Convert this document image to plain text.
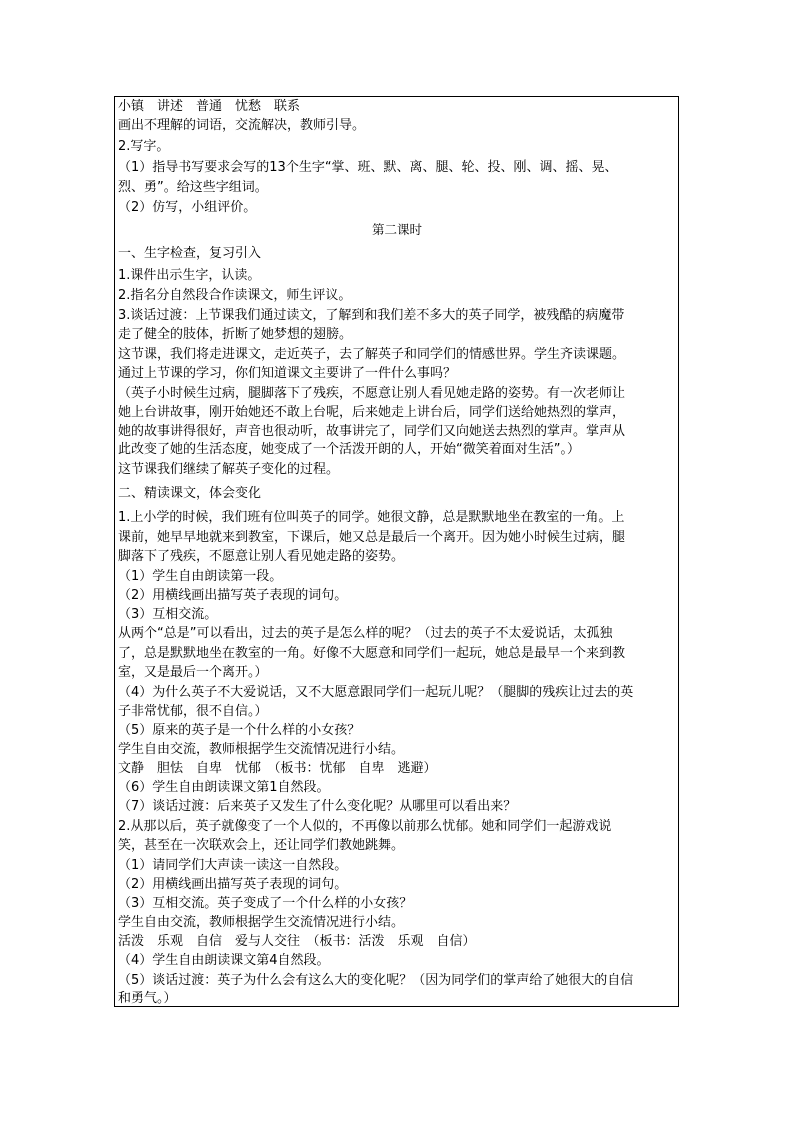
小镇　讲述　普通　忧愁　联系
画出不理解的词语，交流解决，教师引导。
2.写字。
（1）指导书写要求会写的13个生字“掌、班、默、离、腿、轮、投、刚、调、摇、晃、
烈、勇”。给这些字组词。
（2）仿写，小组评价。
第二课时
一、生字检查，复习引入
1.课件出示生字，认读。
2.指名分自然段合作读课文，师生评议。
3.谈话过渡：上节课我们通过读文，了解到和我们差不多大的英子同学，被残酷的病魔带
走了健全的肢体，折断了她梦想的翅膀。
这节课，我们将走进课文，走近英子，去了解英子和同学们的情感世界。学生齐读课题。
通过上节课的学习，你们知道课文主要讲了一件什么事吗？
（英子小时候生过病，腿脚落下了残疾，不愿意让别人看见她走路的姿势。有一次老师让
她上台讲故事，刚开始她还不敢上台呢，后来她走上讲台后，同学们送给她热烈的掌声，
她的故事讲得很好，声音也很动听，故事讲完了，同学们又向她送去热烈的掌声。掌声从
此改变了她的生活态度，她变成了一个活泼开朗的人，开始“微笑着面对生活”。）
这节课我们继续了解英子变化的过程。
二、精读课文，体会变化
1.上小学的时候，我们班有位叫英子的同学。她很文静，总是默默地坐在教室的一角。上
课前，她早早地就来到教室，下课后，她又总是最后一个离开。因为她小时候生过病，腿
脚落下了残疾，不愿意让别人看见她走路的姿势。
（1）学生自由朗读第一段。
（2）用横线画出描写英子表现的词句。
（3）互相交流。
从两个“总是”可以看出，过去的英子是怎么样的呢？（过去的英子不太爱说话，太孤独
了，总是默默地坐在教室的一角。好像不大愿意和同学们一起玩，她总是最早一个来到教
室，又是最后一个离开。）
（4）为什么英子不大爱说话，又不大愿意跟同学们一起玩儿呢？（腿脚的残疾让过去的英
子非常忧郁，很不自信。）
（5）原来的英子是一个什么样的小女孩？
学生自由交流，教师根据学生交流情况进行小结。
文静　胆怯　自卑　忧郁　（板书：忧郁　自卑　逃避）
（6）学生自由朗读课文第1自然段。
（7）谈话过渡：后来英子又发生了什么变化呢？从哪里可以看出来？
2.从那以后，英子就像变了一个人似的，不再像以前那么忧郁。她和同学们一起游戏说
笑，甚至在一次联欢会上，还让同学们教她跳舞。
（1）请同学们大声读一读这一自然段。
（2）用横线画出描写英子表现的词句。
（3）互相交流。英子变成了一个什么样的小女孩？
学生自由交流，教师根据学生交流情况进行小结。
活泼　乐观　自信　爱与人交往　（板书：活泼　乐观　自信）
（4）学生自由朗读课文第4自然段。
（5）谈话过渡：英子为什么会有这么大的变化呢？（因为同学们的掌声给了她很大的自信
和勇气。）
